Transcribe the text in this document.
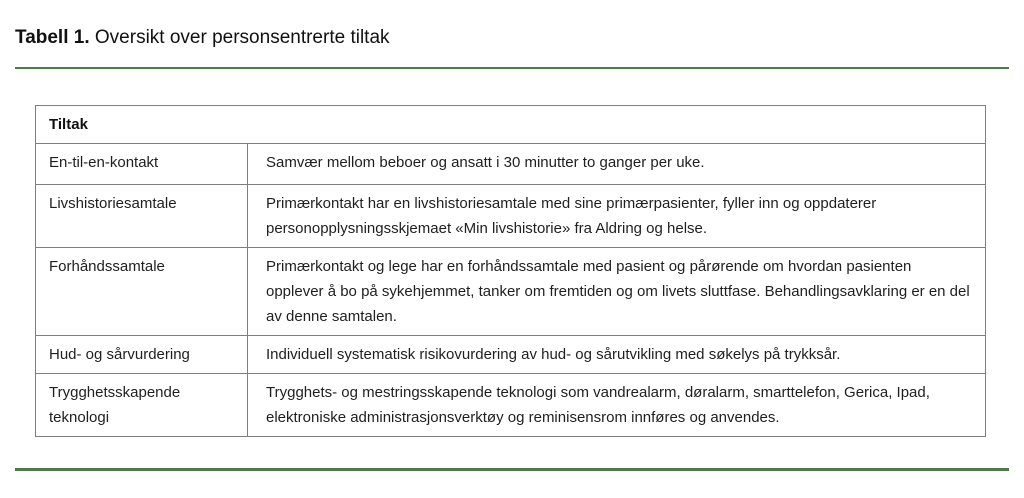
Tabell 1. Oversikt over personsentrerte tiltak
Tiltak	
En-til-en-kontakt	Samvær mellom beboer og ansatt i 30 minutter to ganger per uke.
Livshistoriesamtale	Primærkontakt har en livshistoriesamtale med sine primærpasienter, fyller inn og oppdaterer personopplysningsskjemaet «Min livshistorie» fra Aldring og helse.
Forhåndssamtale	Primærkontakt og lege har en forhåndssamtale med pasient og pårørende om hvordan pasienten opplever å bo på sykehjemmet, tanker om fremtiden og om livets sluttfase. Behandlingsavklaring er en del av denne samtalen.
Hud- og sårvurdering	Individuell systematisk risikovurdering av hud- og sårutvikling med søkelys på trykksår.
Trygghetsskapende teknologi	Trygghets- og mestringsskapende teknologi som vandrealarm, døralarm, smarttelefon, Gerica, Ipad, elektroniske administrasjonsverktøy og reminisensrom innføres og anvendes.
